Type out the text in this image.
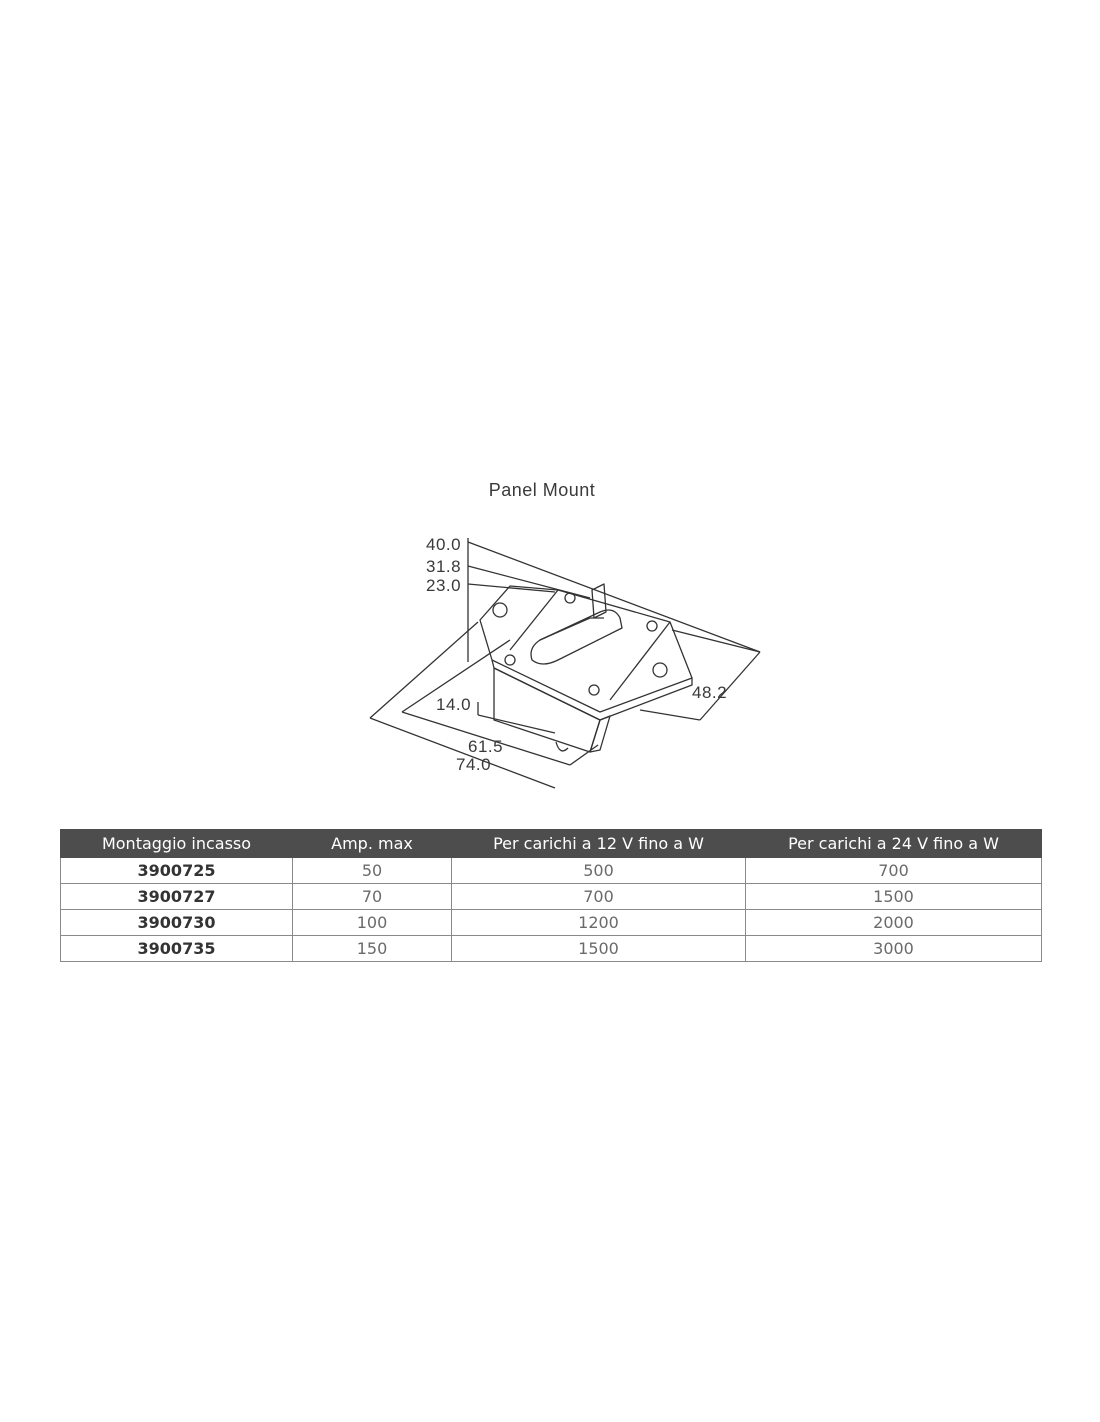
Panel Mount
40.0
31.8
23.0
14.0
48.2
61.5
74.0
Montaggio incasso	Amp. max	Per carichi a 12 V fino a W	Per carichi a 24 V fino a W
3900725	50	500	700
3900727	70	700	1500
3900730	100	1200	2000
3900735	150	1500	3000
